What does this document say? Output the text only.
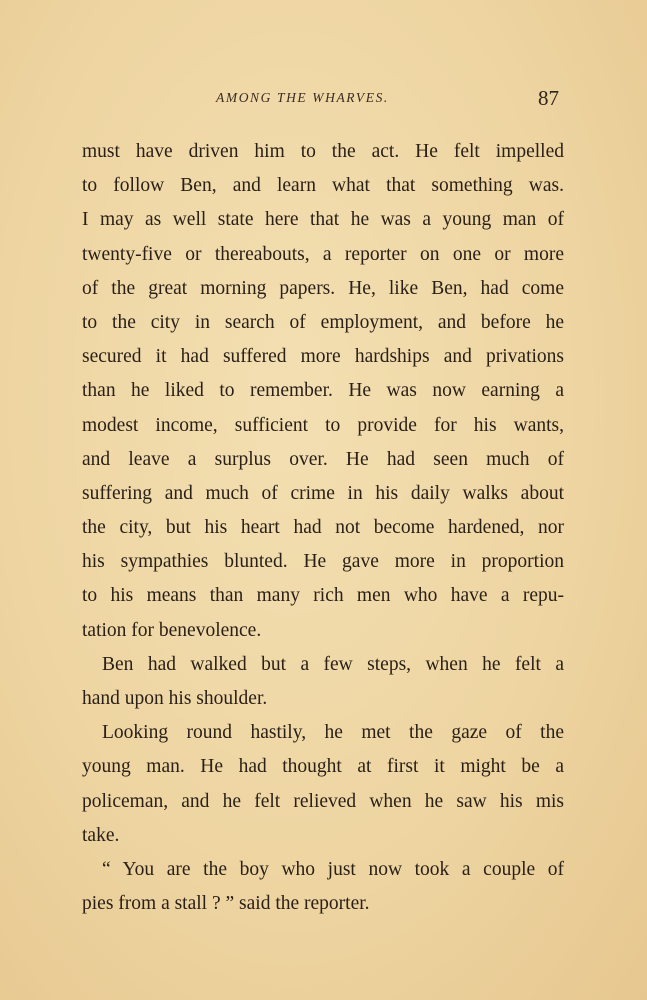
AMONG THE WHARVES.	87
must have driven him to the act. He felt impelled
to follow Ben, and learn what that something was.
I may as well state here that he was a young man of
twenty-five or thereabouts, a reporter on one or more
of the great morning papers. He, like Ben, had come
to the city in search of employment, and before he
secured it had suffered more hardships and privations
than he liked to remember. He was now earning a
modest income, sufficient to provide for his wants,
and leave a surplus over. He had seen much of
suffering and much of crime in his daily walks about
the city, but his heart had not become hardened, nor
his sympathies blunted. He gave more in proportion
to his means than many rich men who have a repu-
tation for benevolence.
Ben had walked but a few steps, when he felt a
hand upon his shoulder.
Looking round hastily, he met the gaze of the
young man. He had thought at first it might be a
policeman, and he felt relieved when he saw his mis
take.
“ You are the boy who just now took a couple of
pies from a stall ? ” said the reporter.
